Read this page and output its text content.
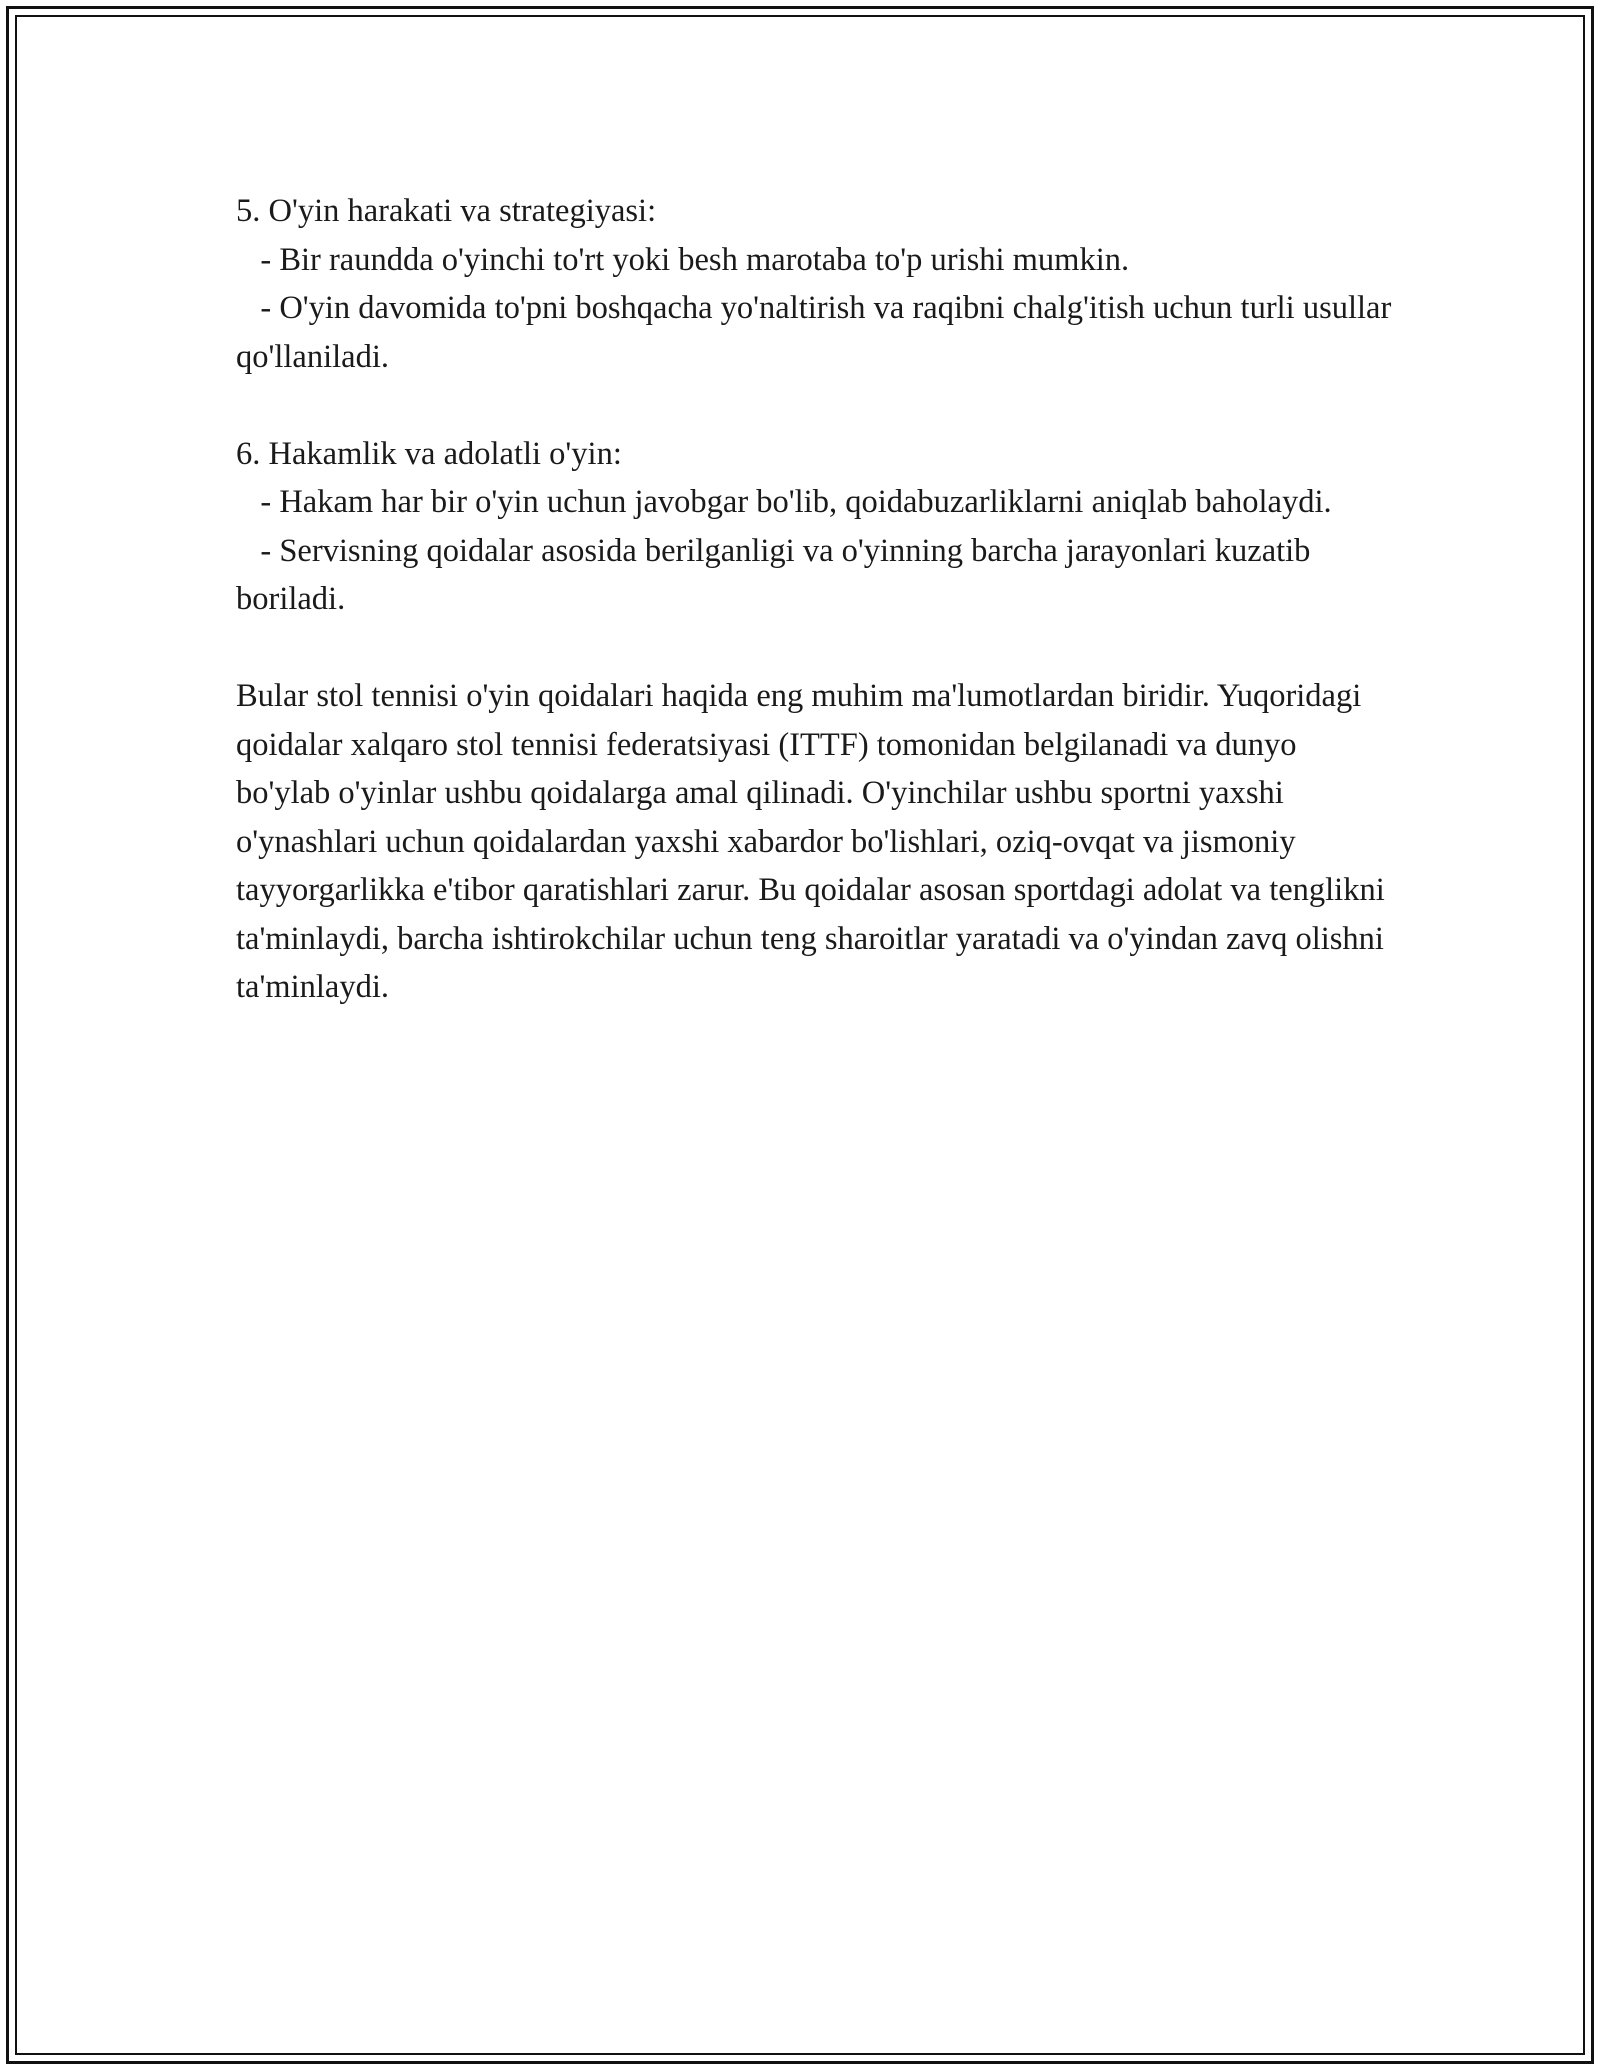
5. O'yin harakati va strategiyasi:

- Bir raundda o'yinchi to'rt yoki besh marotaba to'p urishi mumkin.

- O'yin davomida to'pni boshqacha yo'naltirish va raqibni chalg'itish uchun turli usullar qo'llaniladi.

6. Hakamlik va adolatli o'yin:

- Hakam har bir o'yin uchun javobgar bo'lib, qoidabuzarliklarni aniqlab baholaydi.

- Servisning qoidalar asosida berilganligi va o'yinning barcha jarayonlari kuzatib boriladi.

Bular stol tennisi o'yin qoidalari haqida eng muhim ma'lumotlardan biridir. Yuqoridagi qoidalar xalqaro stol tennisi federatsiyasi (ITTF) tomonidan belgilanadi va dunyo bo'ylab o'yinlar ushbu qoidalarga amal qilinadi. O'yinchilar ushbu sportni yaxshi o'ynashlari uchun qoidalardan yaxshi xabardor bo'lishlari, oziq-ovqat va jismoniy tayyorgarlikka e'tibor qaratishlari zarur. Bu qoidalar asosan sportdagi adolat va tenglikni ta'minlaydi, barcha ishtirokchilar uchun teng sharoitlar yaratadi va o'yindan zavq olishni ta'minlaydi.
